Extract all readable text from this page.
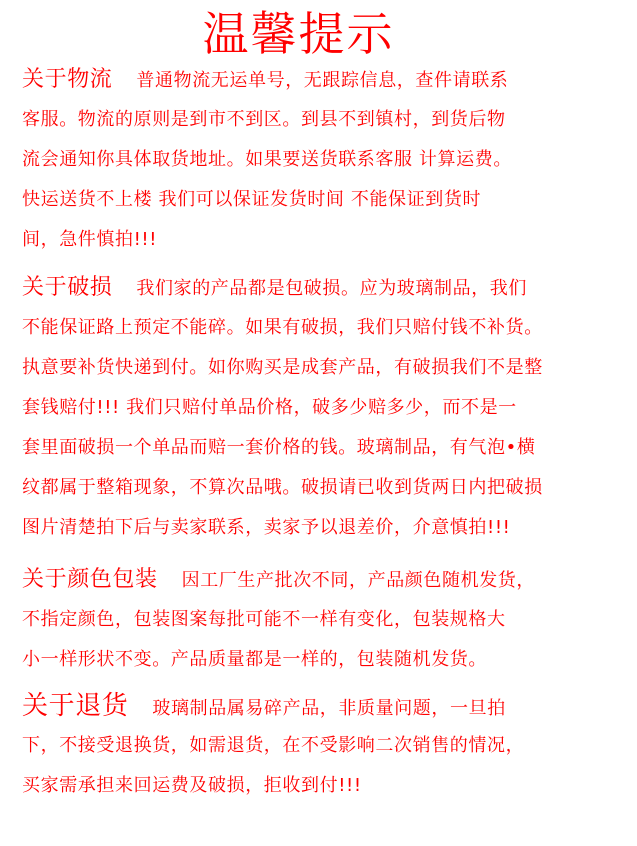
温馨提示
关于物流 普通物流无运单号，无跟踪信息，查件请联系
客服。物流的原则是到市不到区。到县不到镇村，到货后物
流会通知你具体取货地址。如果要送货联系客服 计算运费。
快运送货不上楼 我们可以保证发货时间 不能保证到货时
间，急件慎拍!!!
关于破损 我们家的产品都是包破损。应为玻璃制品，我们
不能保证路上预定不能碎。如果有破损，我们只赔付钱不补货。
执意要补货快递到付。如你购买是成套产品，有破损我们不是整
套钱赔付!!! 我们只赔付单品价格，破多少赔多少，而不是一
套里面破损一个单品而赔一套价格的钱。玻璃制品，有气泡•横
纹都属于整箱现象，不算次品哦。破损请已收到货两日内把破损
图片清楚拍下后与卖家联系，卖家予以退差价，介意慎拍!!!
关于颜色包装 因工厂生产批次不同，产品颜色随机发货，
不指定颜色，包装图案每批可能不一样有变化，包装规格大
小一样形状不变。产品质量都是一样的，包装随机发货。
关于退货 玻璃制品属易碎产品，非质量问题，一旦拍
下，不接受退换货，如需退货，在不受影响二次销售的情况，
买家需承担来回运费及破损，拒收到付!!!
